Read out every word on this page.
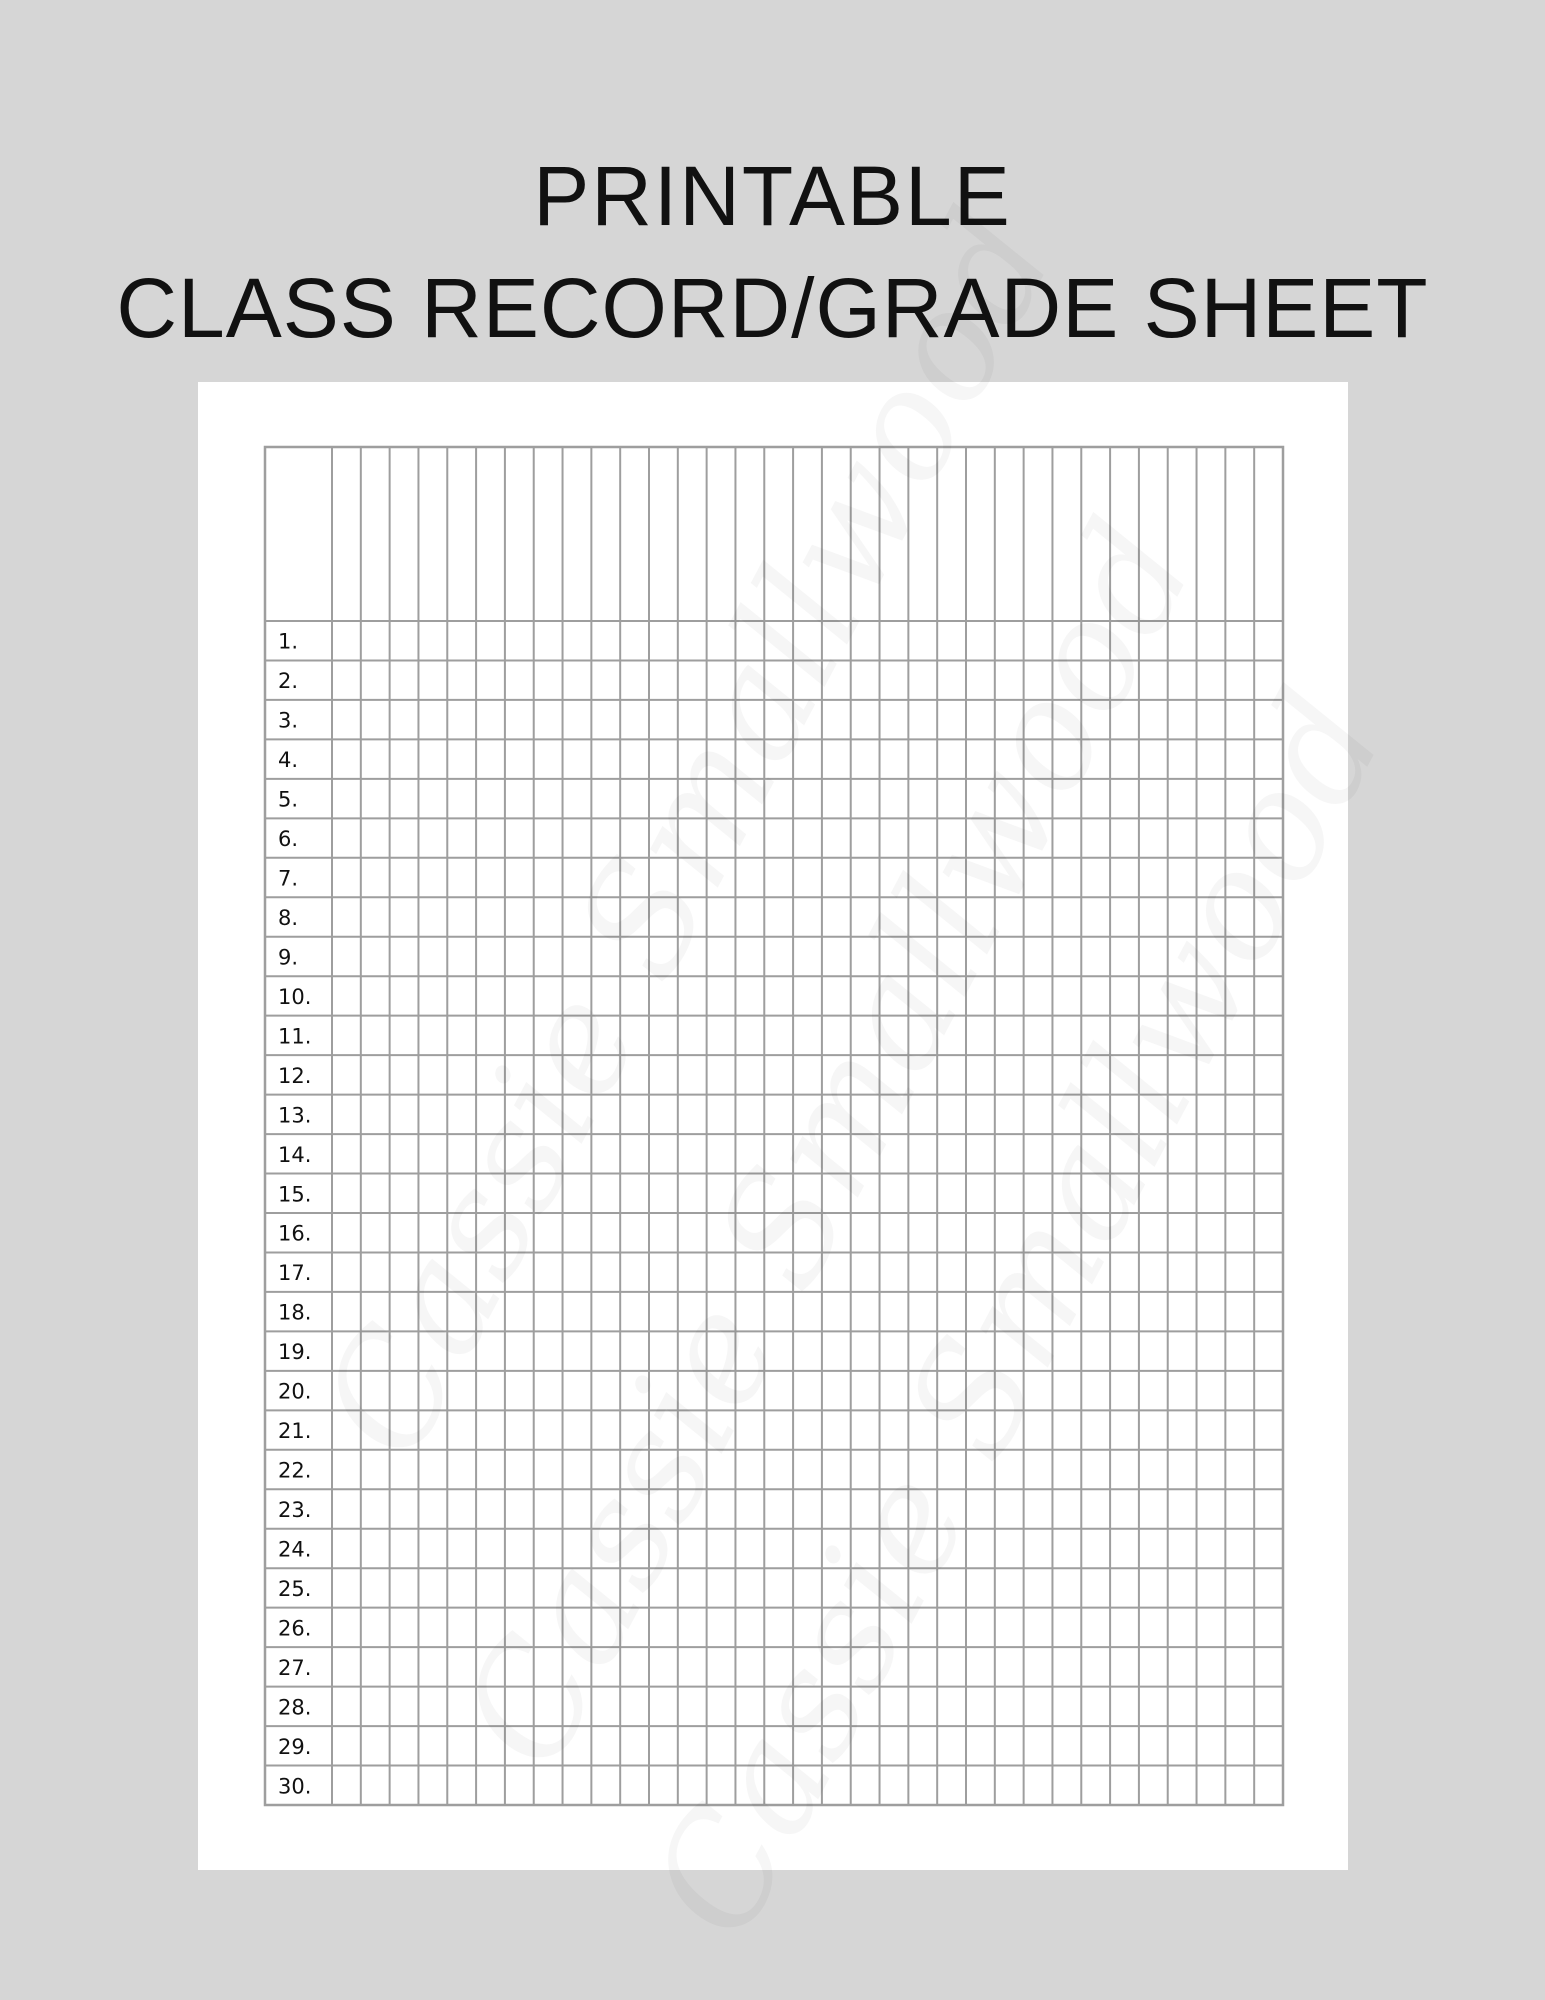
PRINTABLE
CLASS RECORD/GRADE SHEET
1.
2.
3.
4.
5.
6.
7.
8.
9.
10.
11.
12.
13.
14.
15.
16.
17.
18.
19.
20.
21.
22.
23.
24.
25.
26.
27.
28.
29.
30.
